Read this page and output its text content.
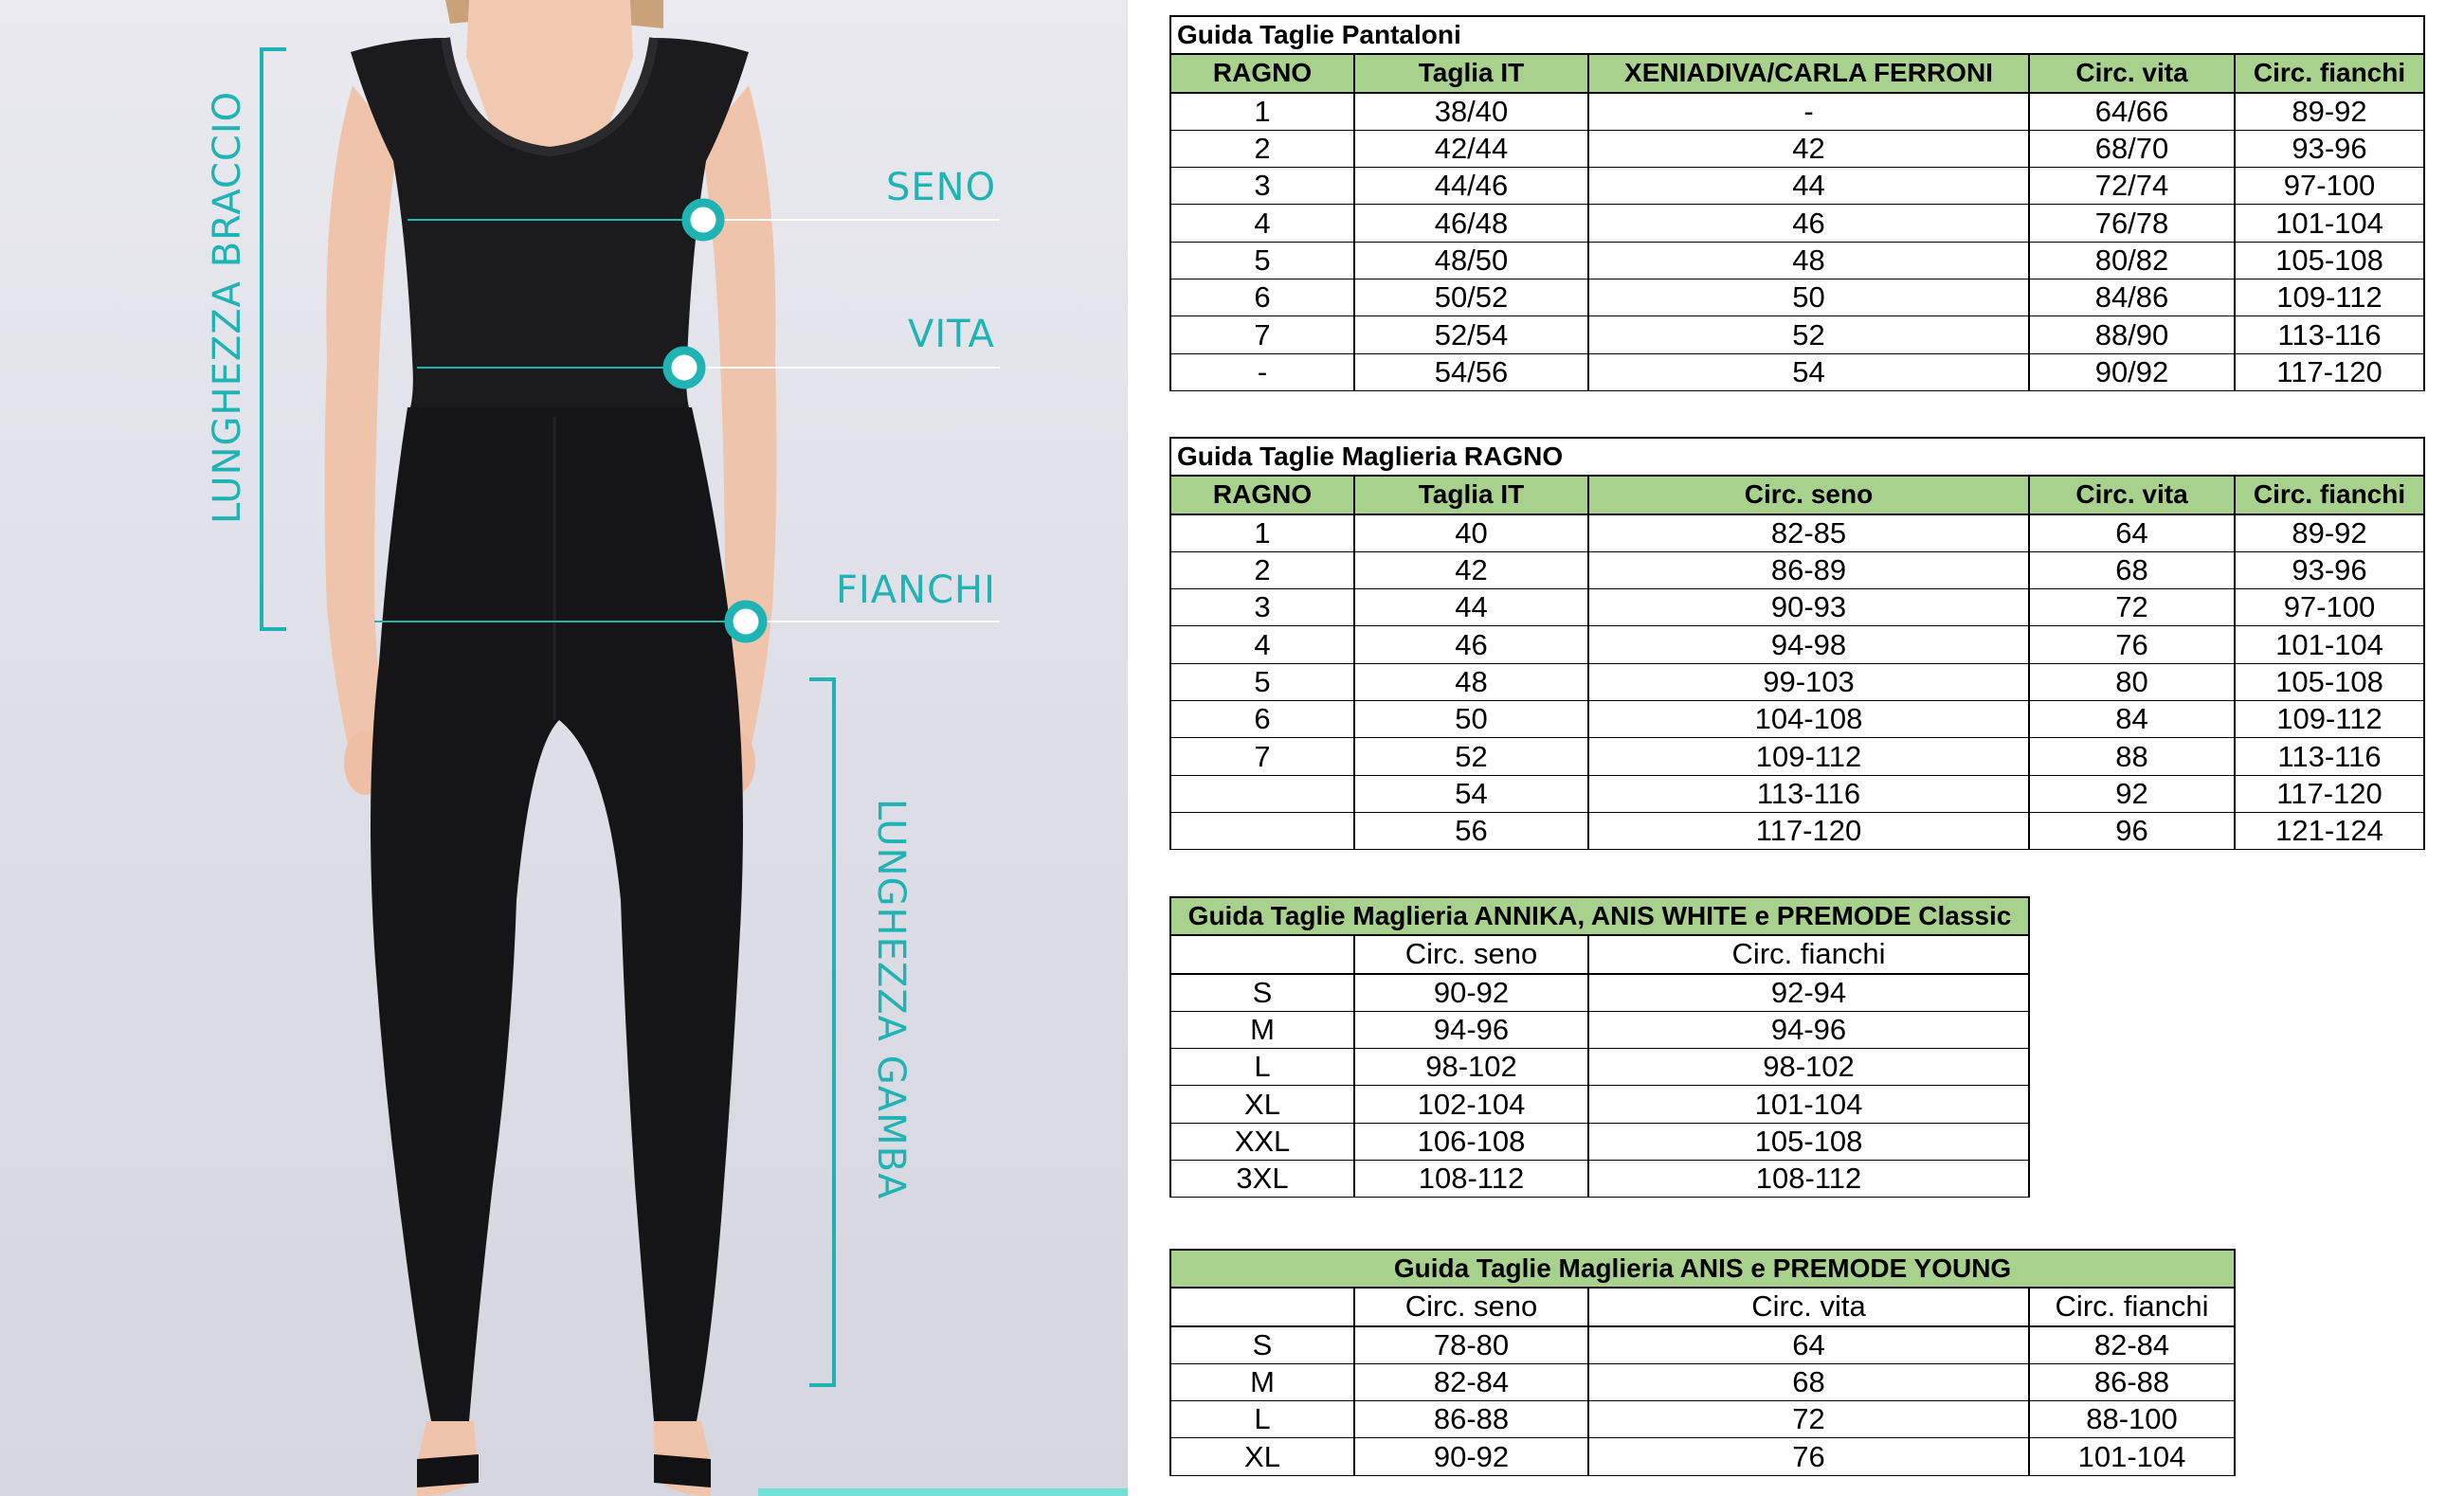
SENO
VITA
FIANCHI
LUNGHEZZA BRACCIO
LUNGHEZZA GAMBA
Guida Taglie Pantaloni				
RAGNO	Taglia IT	XENIADIVA/CARLA FERRONI	Circ. vita	Circ. fianchi
1	38/40	-	64/66	89-92
2	42/44	42	68/70	93-96
3	44/46	44	72/74	97-100
4	46/48	46	76/78	101-104
5	48/50	48	80/82	105-108
6	50/52	50	84/86	109-112
7	52/54	52	88/90	113-116
-	54/56	54	90/92	117-120
Guida Taglie Maglieria RAGNO				
RAGNO	Taglia IT	Circ. seno	Circ. vita	Circ. fianchi
1	40	82-85	64	89-92
2	42	86-89	68	93-96
3	44	90-93	72	97-100
4	46	94-98	76	101-104
5	48	99-103	80	105-108
6	50	104-108	84	109-112
7	52	109-112	88	113-116
	54	113-116	92	117-120
	56	117-120	96	121-124
Guida Taglie Maglieria ANNIKA, ANIS WHITE e PREMODE Classic		
	Circ. seno	Circ. fianchi
S	90-92	92-94
M	94-96	94-96
L	98-102	98-102
XL	102-104	101-104
XXL	106-108	105-108
3XL	108-112	108-112
Guida Taglie Maglieria ANIS e PREMODE YOUNG			
	Circ. seno	Circ. vita	Circ. fianchi
S	78-80	64	82-84
M	82-84	68	86-88
L	86-88	72	88-100
XL	90-92	76	101-104
